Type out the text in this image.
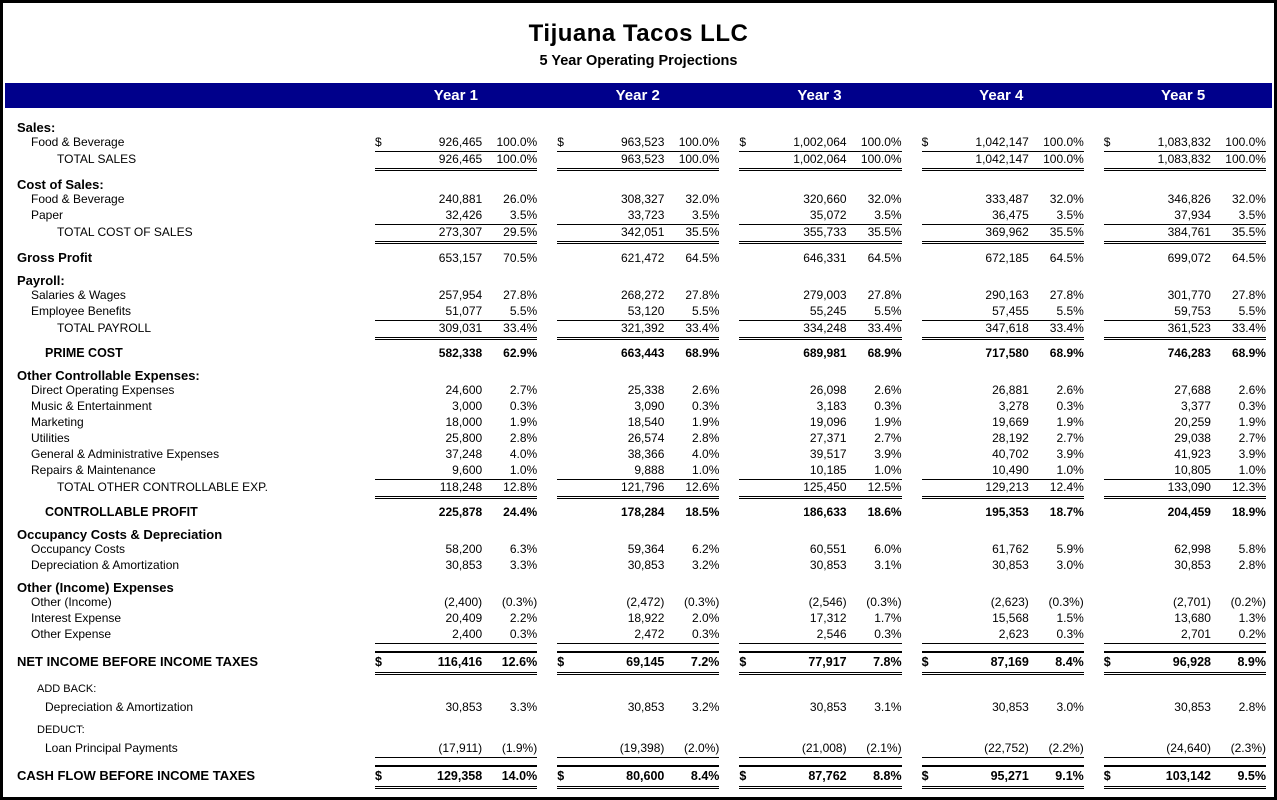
Tijuana Tacos LLC
5 Year Operating Projections
Year 1	Year 2	Year 3	Year 4	Year 5
Sales:
Food & Beverage	$	926,465	100.0% $	963,523	100.0% $	1,002,064	100.0% $	1,042,147	100.0% $	1,083,832	100.0%
TOTAL SALES	926,465	100.0%	963,523	100.0%	1,002,064	100.0%	1,042,147	100.0%	1,083,832	100.0%
Cost of Sales:
Food & Beverage	240,881	26.0%	308,327	32.0%	320,660	32.0%	333,487	32.0%	346,826	32.0%
Paper	32,426	3.5%	33,723	3.5%	35,072	3.5%	36,475	3.5%	37,934	3.5%
TOTAL COST OF SALES	273,307	29.5%	342,051	35.5%	355,733	35.5%	369,962	35.5%	384,761	35.5%
Gross Profit	653,157	70.5%	621,472	64.5%	646,331	64.5%	672,185	64.5%	699,072	64.5%
Payroll:
Salaries & Wages	257,954	27.8%	268,272	27.8%	279,003	27.8%	290,163	27.8%	301,770	27.8%
Employee Benefits	51,077	5.5%	53,120	5.5%	55,245	5.5%	57,455	5.5%	59,753	5.5%
TOTAL PAYROLL	309,031	33.4%	321,392	33.4%	334,248	33.4%	347,618	33.4%	361,523	33.4%
PRIME COST	582,338	62.9%	663,443	68.9%	689,981	68.9%	717,580	68.9%	746,283	68.9%
Other Controllable Expenses:
Direct Operating Expenses	24,600	2.7%	25,338	2.6%	26,098	2.6%	26,881	2.6%	27,688	2.6%
Music & Entertainment	3,000	0.3%	3,090	0.3%	3,183	0.3%	3,278	0.3%	3,377	0.3%
Marketing	18,000	1.9%	18,540	1.9%	19,096	1.9%	19,669	1.9%	20,259	1.9%
Utilities	25,800	2.8%	26,574	2.8%	27,371	2.7%	28,192	2.7%	29,038	2.7%
General & Administrative Expenses	37,248	4.0%	38,366	4.0%	39,517	3.9%	40,702	3.9%	41,923	3.9%
Repairs & Maintenance	9,600	1.0%	9,888	1.0%	10,185	1.0%	10,490	1.0%	10,805	1.0%
TOTAL OTHER CONTROLLABLE EXP.	118,248	12.8%	121,796	12.6%	125,450	12.5%	129,213	12.4%	133,090	12.3%
CONTROLLABLE PROFIT	225,878	24.4%	178,284	18.5%	186,633	18.6%	195,353	18.7%	204,459	18.9%
Occupancy Costs & Depreciation
Occupancy Costs	58,200	6.3%	59,364	6.2%	60,551	6.0%	61,762	5.9%	62,998	5.8%
Depreciation & Amortization	30,853	3.3%	30,853	3.2%	30,853	3.1%	30,853	3.0%	30,853	2.8%
Other (Income) Expenses
Other (Income)	(2,400)	(0.3%)	(2,472)	(0.3%)	(2,546)	(0.3%)	(2,623)	(0.3%)	(2,701)	(0.2%)
Interest Expense	20,409	2.2%	18,922	2.0%	17,312	1.7%	15,568	1.5%	13,680	1.3%
Other Expense	2,400	0.3%	2,472	0.3%	2,546	0.3%	2,623	0.3%	2,701	0.2%
NET INCOME BEFORE INCOME TAXES	$	116,416	12.6% $	69,145	7.2% $	77,917	7.8% $	87,169	8.4% $	96,928	8.9%
ADD BACK:
Depreciation & Amortization	30,853	3.3%	30,853	3.2%	30,853	3.1%	30,853	3.0%	30,853	2.8%
DEDUCT:
Loan Principal Payments	(17,911)	(1.9%)	(19,398)	(2.0%)	(21,008)	(2.1%)	(22,752)	(2.2%)	(24,640)	(2.3%)
CASH FLOW BEFORE INCOME TAXES	$	129,358	14.0% $	80,600	8.4% $	87,762	8.8% $	95,271	9.1% $	103,142	9.5%
